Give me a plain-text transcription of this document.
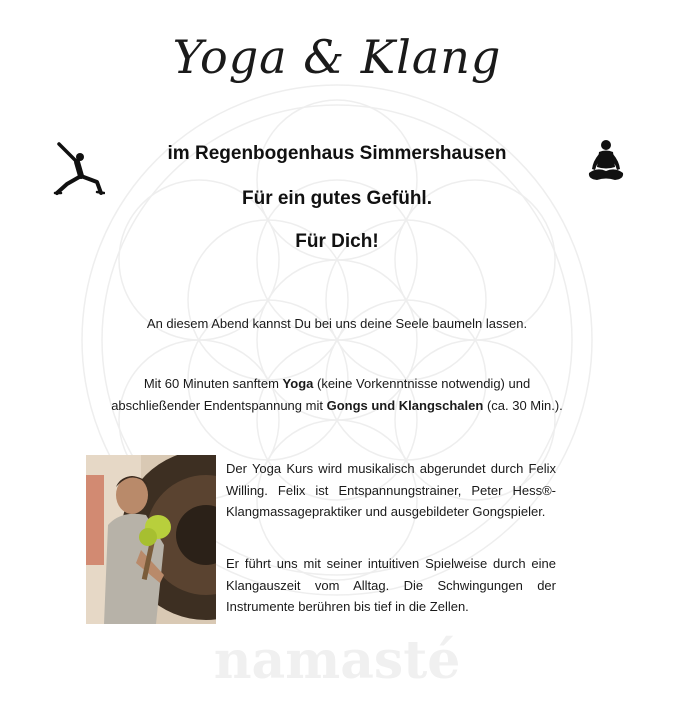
namasté
Yoga & Klang
im Regenbogenhaus Simmershausen
Für ein gutes Gefühl.
Für Dich!
An diesem Abend kannst Du bei uns deine Seele baumeln lassen.
Mit 60 Minuten sanftem Yoga (keine Vorkenntnisse notwendig) und
abschließender Endentspannung mit Gongs und Klangschalen (ca. 30 Min.).
Der Yoga Kurs wird musikalisch abgerundet durch Felix Willing. Felix ist Entspannungstrainer, Peter Hess®-Klangmassagepraktiker und ausgebildeter Gongspieler.
Er führt uns mit seiner intuitiven Spielweise durch eine Klangauszeit vom Alltag. Die Schwingungen der Instrumente berühren bis tief in die Zellen.
